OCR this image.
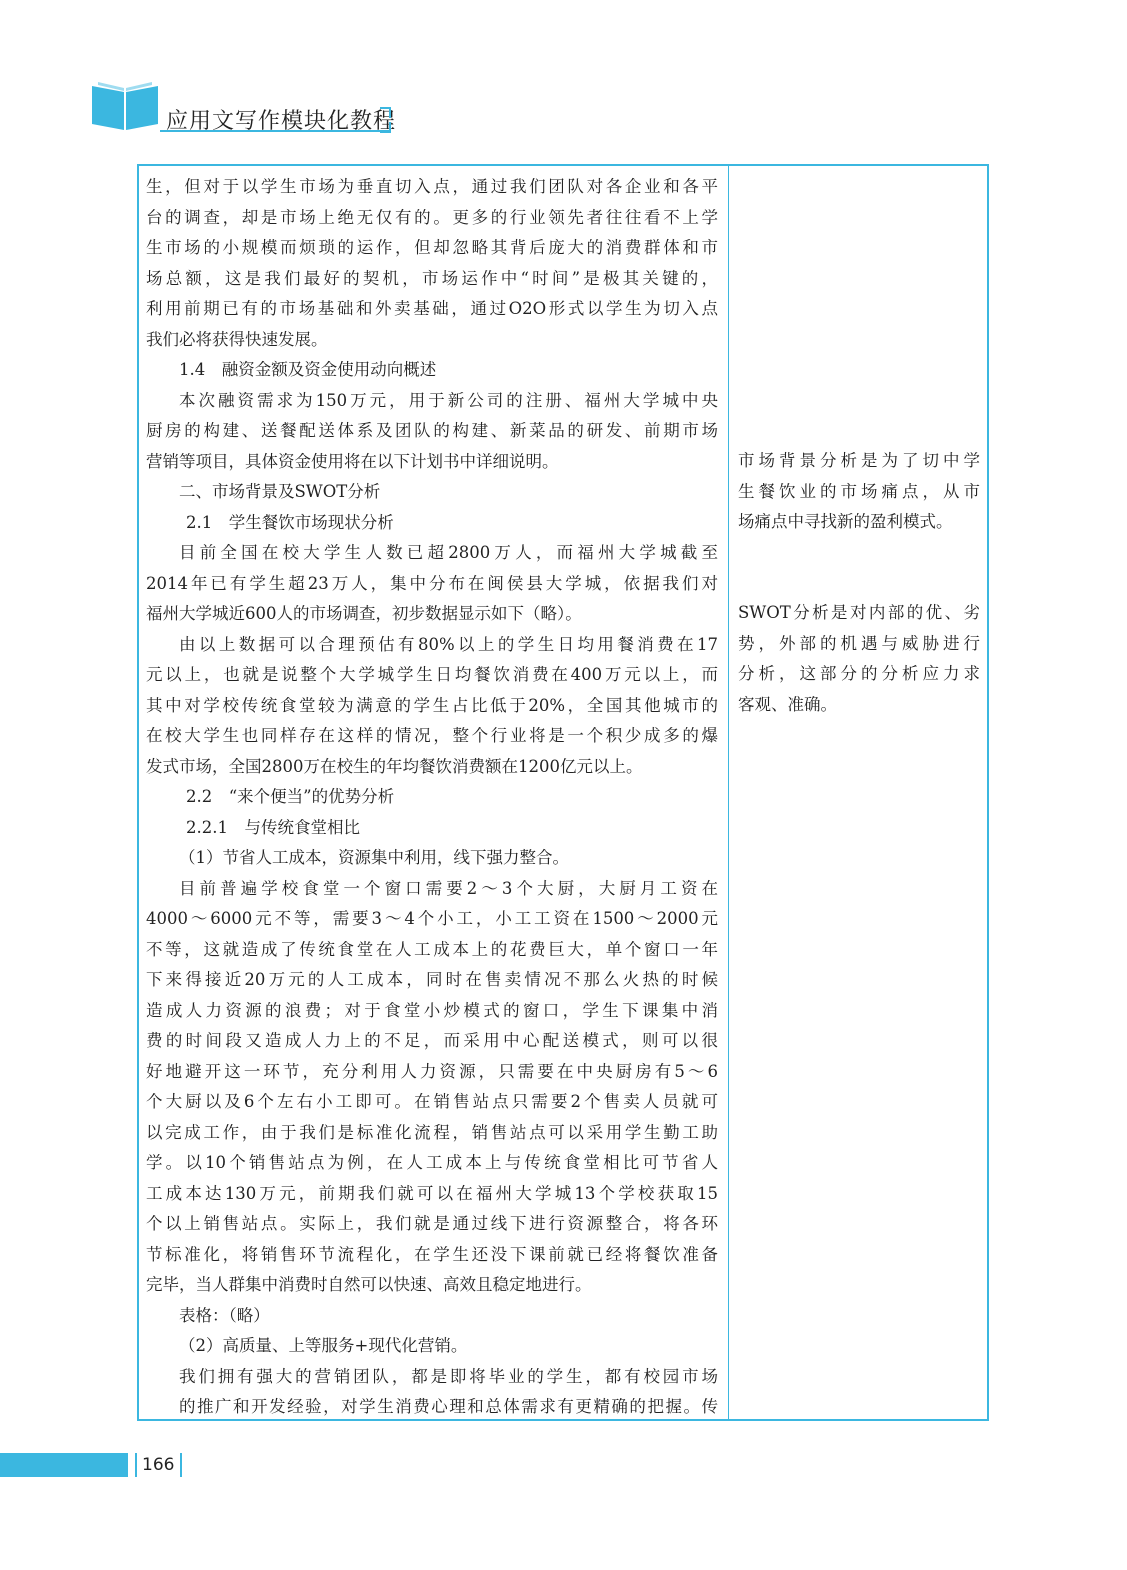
应用文写作模块化教程
生，但对于以学生市场为垂直切入点，通过我们团队对各企业和各平
台的调查，却是市场上绝无仅有的。更多的行业领先者往往看不上学
生市场的小规模而烦琐的运作，但却忽略其背后庞大的消费群体和市
场总额，这是我们最好的契机，市场运作中“时间”是极其关键的，
利用前期已有的市场基础和外卖基础，通过O2O形式以学生为切入点
我们必将获得快速发展。
1.4　融资金额及资金使用动向概述
本次融资需求为150万元，用于新公司的注册、福州大学城中央
厨房的构建、送餐配送体系及团队的构建、新菜品的研发、前期市场
营销等项目，具体资金使用将在以下计划书中详细说明。
二、市场背景及SWOT分析
2.1　学生餐饮市场现状分析
目前全国在校大学生人数已超2800万人，而福州大学城截至
2014年已有学生超23万人，集中分布在闽侯县大学城，依据我们对
福州大学城近600人的市场调查，初步数据显示如下（略）。
由以上数据可以合理预估有80%以上的学生日均用餐消费在17
元以上，也就是说整个大学城学生日均餐饮消费在400万元以上，而
其中对学校传统食堂较为满意的学生占比低于20%，全国其他城市的
在校大学生也同样存在这样的情况，整个行业将是一个积少成多的爆
发式市场，全国2800万在校生的年均餐饮消费额在1200亿元以上。
2.2　“来个便当”的优势分析
2.2.1　与传统食堂相比
（1）节省人工成本，资源集中利用，线下强力整合。
目前普遍学校食堂一个窗口需要2～3个大厨，大厨月工资在
4000～6000元不等，需要3～4个小工，小工工资在1500～2000元
不等，这就造成了传统食堂在人工成本上的花费巨大，单个窗口一年
下来得接近20万元的人工成本，同时在售卖情况不那么火热的时候
造成人力资源的浪费；对于食堂小炒模式的窗口，学生下课集中消
费的时间段又造成人力上的不足，而采用中心配送模式，则可以很
好地避开这一环节，充分利用人力资源，只需要在中央厨房有5～6
个大厨以及6个左右小工即可。在销售站点只需要2个售卖人员就可
以完成工作，由于我们是标准化流程，销售站点可以采用学生勤工助
学。以10个销售站点为例，在人工成本上与传统食堂相比可节省人
工成本达130万元，前期我们就可以在福州大学城13个学校获取15
个以上销售站点。实际上，我们就是通过线下进行资源整合，将各环
节标准化，将销售环节流程化，在学生还没下课前就已经将餐饮准备
完毕，当人群集中消费时自然可以快速、高效且稳定地进行。
表格：（略）
（2）高质量、上等服务+现代化营销。
我们拥有强大的营销团队，都是即将毕业的学生，都有校园市场
的推广和开发经验，对学生消费心理和总体需求有更精确的把握。传
市场背景分析是为了切中学
生餐饮业的市场痛点，从市
场痛点中寻找新的盈利模式。
SWOT分析是对内部的优、劣
势，外部的机遇与威胁进行
分析，这部分的分析应力求
客观、准确。
166
